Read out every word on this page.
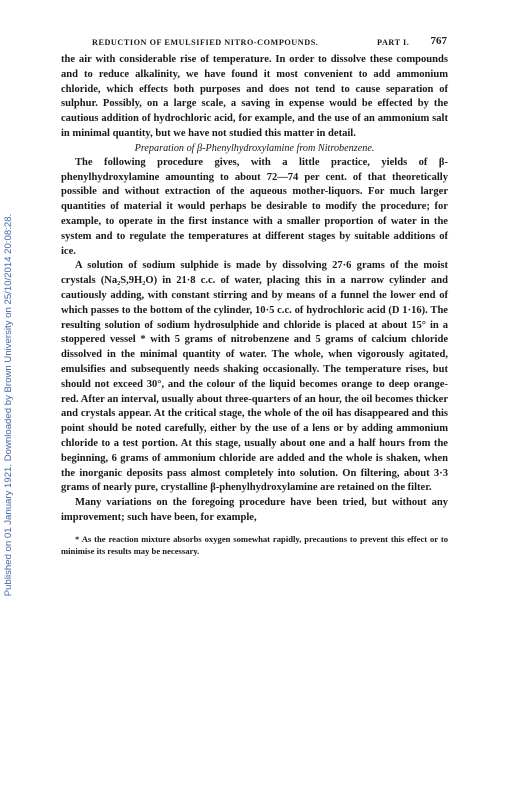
REDUCTION OF EMULSIFIED NITRO-COMPOUNDS.	PART I. 767
Published on 01 January 1921. Downloaded by Brown University on 25/10/2014 20:08:28.

the air with considerable rise of temperature. In order to dissolve these compounds and to reduce alkalinity, we have found it most convenient to add ammonium chloride, which effects both purposes and does not tend to cause separation of sulphur. Possibly, on a large scale, a saving in expense would be effected by the cautious addition of hydrochloric acid, for example, and the use of an ammonium salt in minimal quantity, but we have not studied this matter in detail.

Preparation of β-Phenylhydroxylamine from Nitrobenzene.

The following procedure gives, with a little practice, yields of β-phenylhydroxylamine amounting to about 72—74 per cent. of that theoretically possible and without extraction of the aqueous mother-liquors. For much larger quantities of material it would perhaps be desirable to modify the procedure; for example, to operate in the first instance with a smaller proportion of water in the system and to regulate the temperatures at different stages by suitable additions of ice.

A solution of sodium sulphide is made by dissolving 27·6 grams of the moist crystals (Na₂S,9H₂O) in 21·8 c.c. of water, placing this in a narrow cylinder and cautiously adding, with constant stirring and by means of a funnel the lower end of which passes to the bottom of the cylinder, 10·5 c.c. of hydrochloric acid (D 1·16). The resulting solution of sodium hydrosulphide and chloride is placed at about 15° in a stoppered vessel * with 5 grams of nitrobenzene and 5 grams of calcium chloride dissolved in the minimal quantity of water. The whole, when vigorously agitated, emulsifies and subsequently needs shaking occasionally. The temperature rises, but should not exceed 30°, and the colour of the liquid becomes orange to deep orange-red. After an interval, usually about three-quarters of an hour, the oil becomes thicker and crystals appear. At the critical stage, the whole of the oil has disappeared and this point should be noted carefully, either by the use of a lens or by adding ammonium chloride to a test portion. At this stage, usually about one and a half hours from the beginning, 6 grams of ammonium chloride are added and the whole is shaken, when the inorganic deposits pass almost completely into solution. On filtering, about 3·3 grams of nearly pure, crystalline β-phenylhydroxylamine are retained on the filter.

Many variations on the foregoing procedure have been tried, but without any improvement; such have been, for example,

* As the reaction mixture absorbs oxygen somewhat rapidly, precautions to prevent this effect or to minimise its results may be necessary.
